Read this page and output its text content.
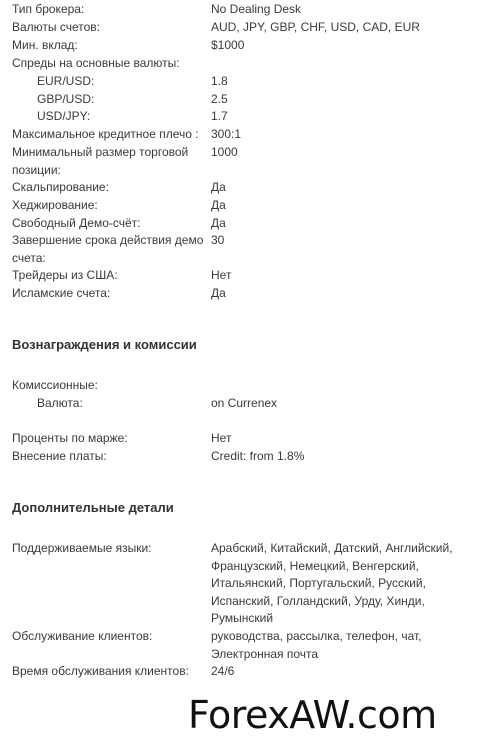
Тип брокера:	No Dealing Desk
Валюты счетов:	AUD, JPY, GBP, CHF, USD, CAD, EUR
Мин. вклад:	$1000
Спреды на основные валюты:
EUR/USD:	1.8
GBP/USD:	2.5
USD/JPY:	1.7
Максимальное кредитное плечо :	300:1
Минимальный размер торговой позиции:
1000
Скальпирование:	Да
Хеджирование:	Да
Свободный Демо-счёт:	Да
Завершение срока действия демо счета:
30
Трейдеры из США:	Нет
Исламские счета:	Да
Вознаграждения и комиссии
Комиссионные:
Валюта:	on Currenex
Проценты по марже:	Нет
Внесение платы:	Credit: from 1.8%
Дополнительные детали
Поддерживаемые языки:	Арабский, Китайский, Датский, Английский, Французский, Немецкий, Венгерский, Итальянский, Португальский, Русский, Испанский, Голландский, Урду, Хинди, Румынский
Обслуживание клиентов:	руководства, рассылка, телефон, чат, Электронная почта
Время обслуживания клиентов:	24/6
ForexAW.com
